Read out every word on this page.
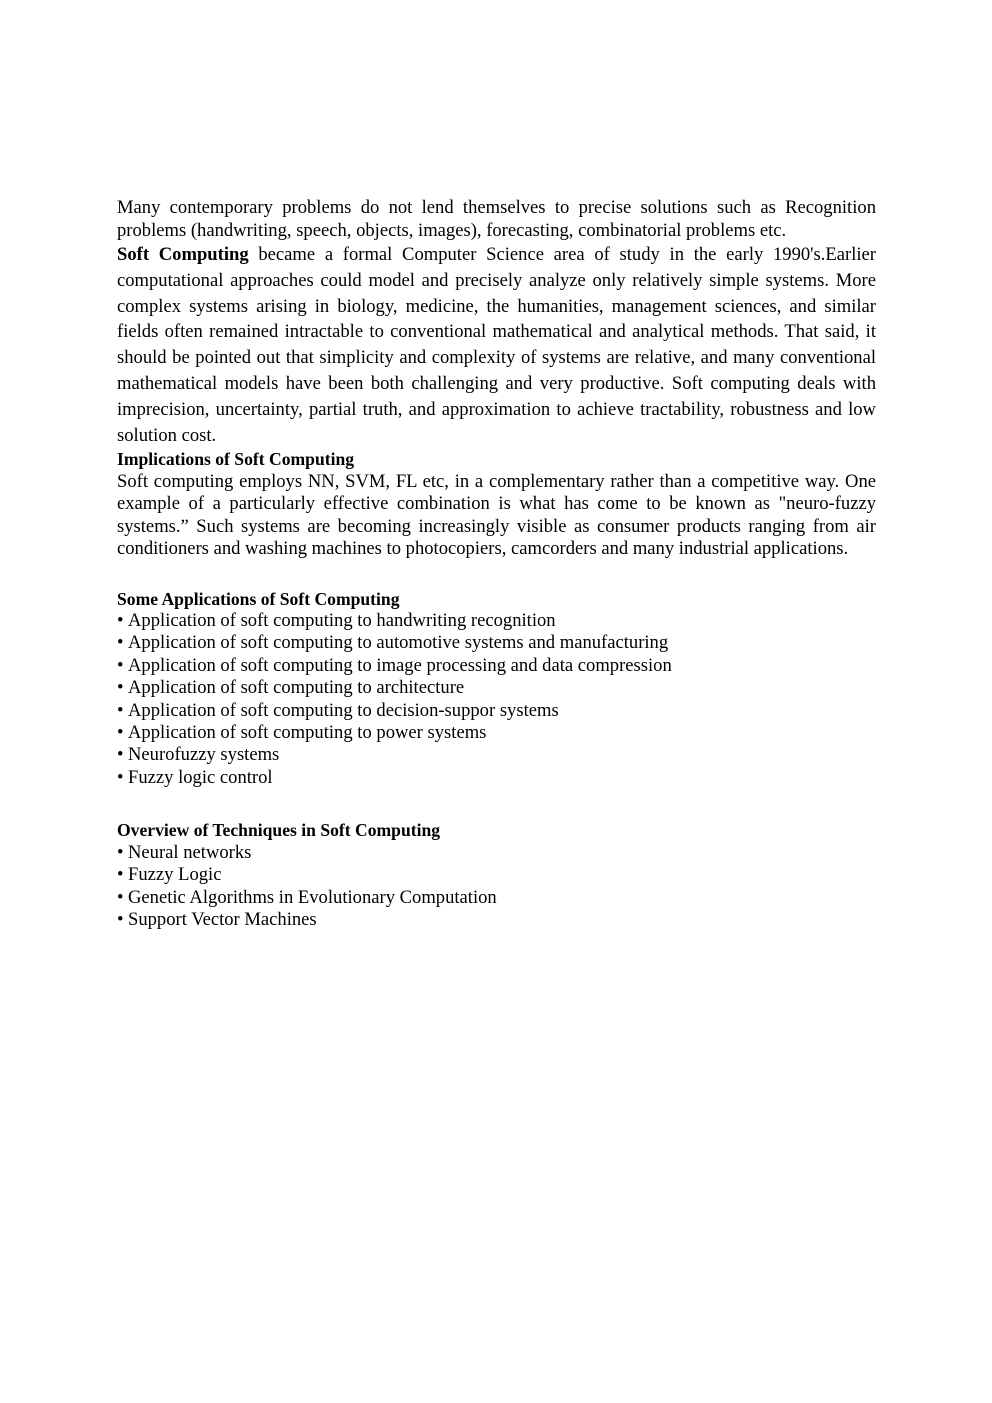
Many contemporary problems do not lend themselves to precise solutions such as Recognition problems (handwriting, speech, objects, images), forecasting, combinatorial problems etc.

Soft Computing became a formal Computer Science area of study in the early 1990's.Earlier computational approaches could model and precisely analyze only relatively simple systems. More complex systems arising in biology, medicine, the humanities, management sciences, and similar fields often remained intractable to conventional mathematical and analytical methods. That said, it should be pointed out that simplicity and complexity of systems are relative, and many conventional mathematical models have been both challenging and very productive. Soft computing deals with imprecision, uncertainty, partial truth, and approximation to achieve tractability, robustness and low solution cost.

Implications of Soft Computing

Soft computing employs NN, SVM, FL etc, in a complementary rather than a competitive way. One example of a particularly effective combination is what has come to be known as "neuro-fuzzy systems.” Such systems are becoming increasingly visible as consumer products ranging from air conditioners and washing machines to photocopiers, camcorders and many industrial applications.

Some Applications of Soft Computing
• Application of soft computing to handwriting recognition
• Application of soft computing to automotive systems and manufacturing
• Application of soft computing to image processing and data compression
• Application of soft computing to architecture
• Application of soft computing to decision-suppor systems
• Application of soft computing to power systems
• Neurofuzzy systems
• Fuzzy logic control
Overview of Techniques in Soft Computing
• Neural networks
• Fuzzy Logic
• Genetic Algorithms in Evolutionary Computation
• Support Vector Machines
